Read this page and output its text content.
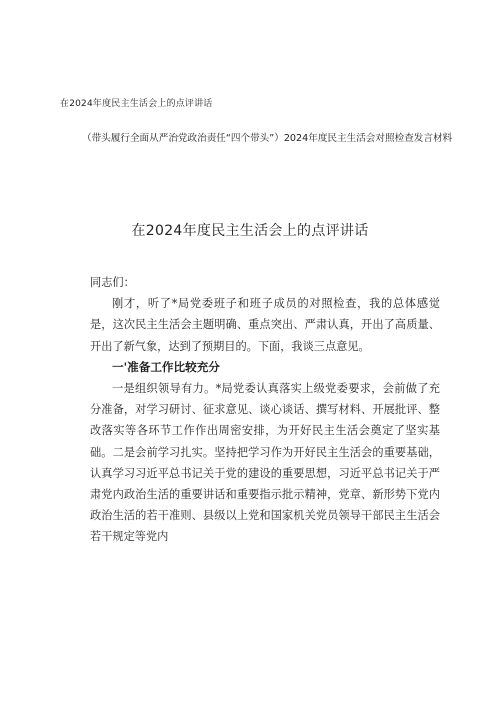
在2024年度民主生活会上的点评讲话
（带头履行全面从严治党政治责任“四个带头”）2024年度民主生活会对照检查发言材料
在2024年度民主生活会上的点评讲话

同志们：

刚才，听了*局党委班子和班子成员的对照检查，我的总体感觉是，这次民主生活会主题明确、重点突出、严肃认真，开出了高质量、开出了新气象，达到了预期目的。下面，我谈三点意见。

一'准备工作比较充分

一是组织领导有力。*局党委认真落实上级党委要求，会前做了充分准备，对学习研讨、征求意见、谈心谈话、撰写材料、开展批评、整改落实等各环节工作作出周密安排，为开好民主生活会奠定了坚实基础。二是会前学习扎实。坚持把学习作为开好民主生活会的重要基础，认真学习习近平总书记关于党的建设的重要思想，习近平总书记关于严肃党内政治生活的重要讲话和重要指示批示精神，党章、新形势下党内政治生活的若干准则、县级以上党和国家机关党员领导干部民主生活会若干规定等党内
